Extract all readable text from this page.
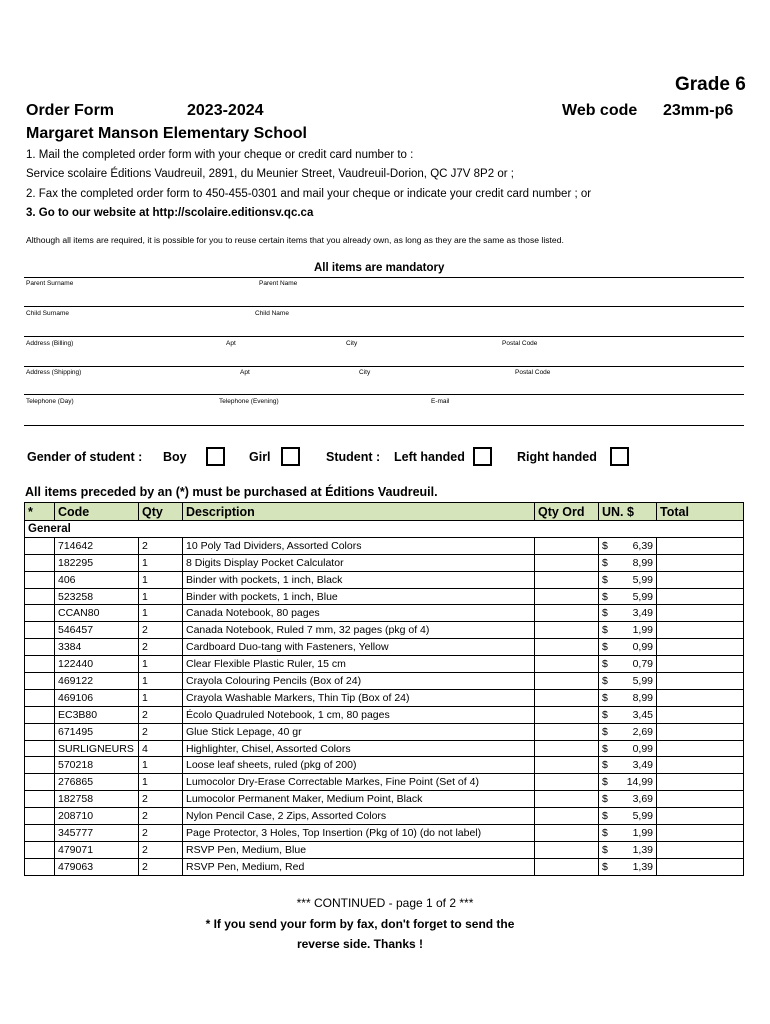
Grade 6
Order Form	2023-2024	Web code 23mm-p6
Margaret Manson Elementary School
1. Mail the completed order form with your cheque or credit card number to :
Service scolaire Éditions Vaudreuil, 2891, du Meunier Street, Vaudreuil-Dorion, QC J7V 8P2 or ;
2. Fax the completed order form to 450-455-0301 and mail your cheque or indicate your credit card number ; or
3. Go to our website at http://scolaire.editionsv.qc.ca
Although all items are required, it is possible for you to reuse certain items that you already own, as long as they are the same as those listed.
All items are mandatory
Parent Surname	Parent Name
Child Surname	Child Name
Address (Billing)	Apt	City	Postal Code
Address (Shipping)	Apt	City	Postal Code
Telephone (Day)	Telephone (Evening)	E-mail
Gender of student : Boy	Girl	Student : Left handed	Right handed
All items preceded by an (*) must be purchased at Éditions Vaudreuil.
*	Code	Qty	Description	Qty Ord	UN. $	Total
General						
	714642	2	10 Poly Tad Dividers, Assorted Colors		$ 6,39	

	182295	1	8 Digits Display Pocket Calculator		$ 8,99	

	406	1	Binder with pockets, 1 inch, Black		$ 5,99	

	523258	1	Binder with pockets, 1 inch, Blue		$ 5,99	

	CCAN80	1	Canada Notebook, 80 pages		$ 3,49	

	546457	2	Canada Notebook, Ruled 7 mm, 32 pages (pkg of 4)		$ 1,99	

	3384	2	Cardboard Duo-tang with Fasteners, Yellow		$ 0,99	

	122440	1	Clear Flexible Plastic Ruler, 15 cm		$ 0,79	

	469122	1	Crayola Colouring Pencils (Box of 24)		$ 5,99	

	469106	1	Crayola Washable Markers, Thin Tip (Box of 24)		$ 8,99	

	EC3B80	2	Écolo Quadruled Notebook, 1 cm, 80 pages		$ 3,45	

	671495	2	Glue Stick Lepage, 40 gr		$ 2,69	

	SURLIGNEURS	4	Highlighter, Chisel, Assorted Colors		$ 0,99	

	570218	1	Loose leaf sheets, ruled (pkg of 200)		$ 3,49	

	276865	1	Lumocolor Dry-Erase Correctable Markes, Fine Point (Set of 4)		$ 14,99	

	182758	2	Lumocolor Permanent Maker, Medium Point, Black		$ 3,69	

	208710	2	Nylon Pencil Case, 2 Zips, Assorted Colors		$ 5,99	

	345777	2	Page Protector, 3 Holes, Top Insertion (Pkg of 10) (do not label)		$ 1,99	

	479071	2	RSVP Pen, Medium, Blue		$ 1,39	

	479063	2	RSVP Pen, Medium, Red		$ 1,39	

*** CONTINUED - page 1 of 2 ***
* If you send your form by fax, don't forget to send the
reverse side. Thanks !
